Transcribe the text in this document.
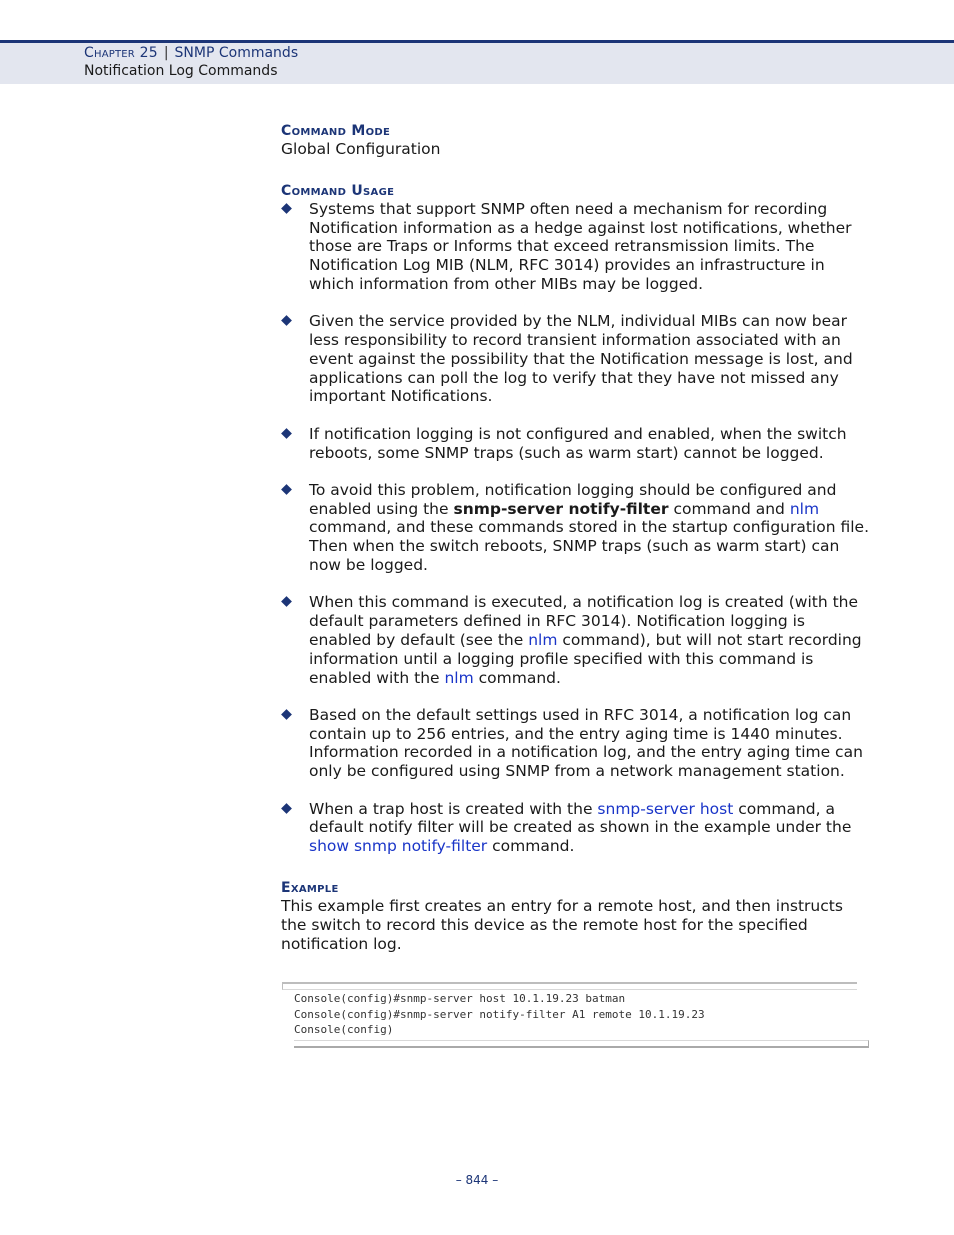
Chapter 25 | SNMP Commands
Notification Log Commands
Command Mode
Global Configuration
Command Usage
Systems that support SNMP often need a mechanism for recording Notification information as a hedge against lost notifications, whether those are Traps or Informs that exceed retransmission limits. The Notification Log MIB (NLM, RFC 3014) provides an infrastructure in which information from other MIBs may be logged.
Given the service provided by the NLM, individual MIBs can now bear less responsibility to record transient information associated with an event against the possibility that the Notification message is lost, and applications can poll the log to verify that they have not missed any important Notifications.
If notification logging is not configured and enabled, when the switch reboots, some SNMP traps (such as warm start) cannot be logged.
To avoid this problem, notification logging should be configured and enabled using the snmp-server notify-filter command and nlm command, and these commands stored in the startup configuration file. Then when the switch reboots, SNMP traps (such as warm start) can now be logged.
When this command is executed, a notification log is created (with the default parameters defined in RFC 3014). Notification logging is enabled by default (see the nlm command), but will not start recording information until a logging profile specified with this command is enabled with the nlm command.
Based on the default settings used in RFC 3014, a notification log can contain up to 256 entries, and the entry aging time is 1440 minutes. Information recorded in a notification log, and the entry aging time can only be configured using SNMP from a network management station.
When a trap host is created with the snmp-server host command, a default notify filter will be created as shown in the example under the show snmp notify-filter command.
Example
This example first creates an entry for a remote host, and then instructs the switch to record this device as the remote host for the specified notification log.
Console(config)#snmp-server host 10.1.19.23 batman
Console(config)#snmp-server notify-filter A1 remote 10.1.19.23
Console(config)
– 844 –
